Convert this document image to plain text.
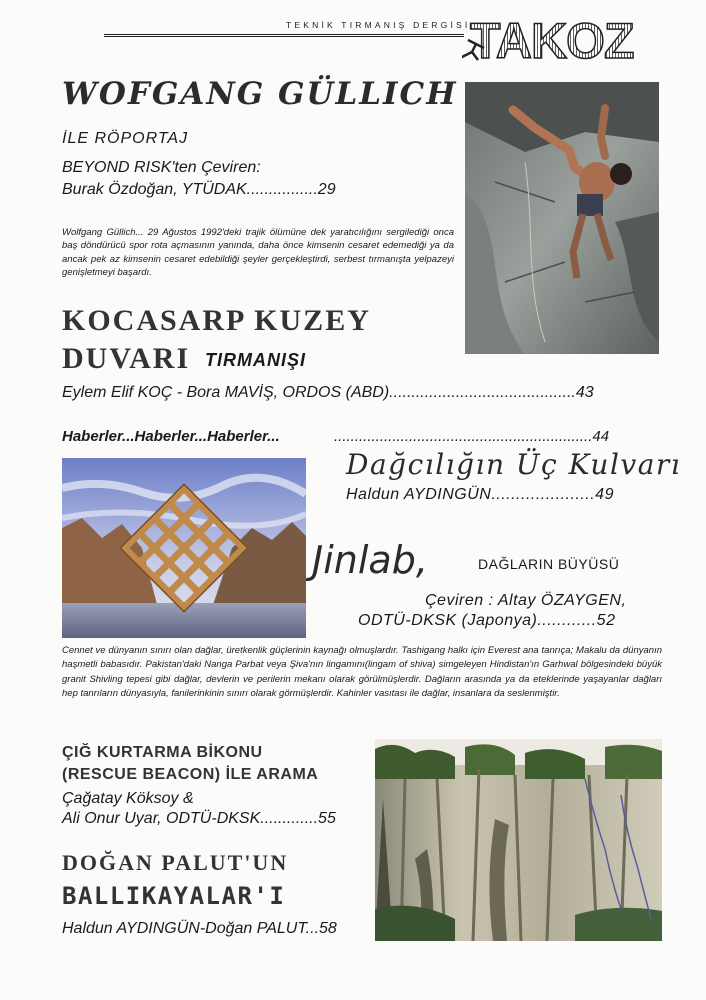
TEKNİK TIRMANIŞ DERGİSİ TAKOZ
WOFGANG GÜLLICH
İLE RÖPORTAJ
BEYOND RISK'ten Çeviren:
Burak Özdoğan, YTÜDAK................29
Wolfgang Güllich... 29 Ağustos 1992'deki trajik ölümüne dek yaratıcılığını sergilediği onca baş döndürücü spor rota açmasının yanında, daha önce kimsenin cesaret edemediği ya da ancak pek az kimsenin cesaret edebildiği şeyler gerçekleştirdi, serbest tırmanışta yelpazeyi genişletmeyi başardı.
KOCASARP KUZEY
DUVARI TIRMANIŞI
Eylem Elif KOÇ - Bora MAVİŞ, ORDOS (ABD)..........................................43
Haberler...Haberler...Haberler...	..............................................................44
Dağcılığın Üç Kulvarı
Haldun AYDINGÜN.....................49
Jinlab,	DAĞLARIN BÜYÜSÜ
Çeviren : Altay ÖZAYGEN,
ODTÜ-DKSK (Japonya)............52
Cennet ve dünyanın sınırı olan dağlar, üretkenlik güçlerinin kaynağı olmuşlardır. Tashigang halkı için Everest ana tanrıça; Makalu da dünyanın haşmetli babasıdır. Pakistan'daki Nanga Parbat veya Şiva'nın lingamını(lingam of shiva) simgeleyen Hindistan'ın Garhwal bölgesindeki büyük granit Shivling tepesi gibi dağlar, devlerin ve perilerin mekanı olarak görülmüşlerdir. Dağların arasında ya da eteklerinde yaşayanlar dağları hep tanrıların dünyasıyla, fanilerinkinin sınırı olarak görmüşlerdir. Kahinler vasıtası ile dağlar, insanlara da seslenmiştir.
ÇIĞ KURTARMA BİKONU
(RESCUE BEACON) İLE ARAMA
Çağatay Köksoy &
Ali Onur Uyar, ODTÜ-DKSK.............55
DOĞAN PALUT'UN
BALLIKAYALAR'I
Haldun AYDINGÜN-Doğan PALUT...58
